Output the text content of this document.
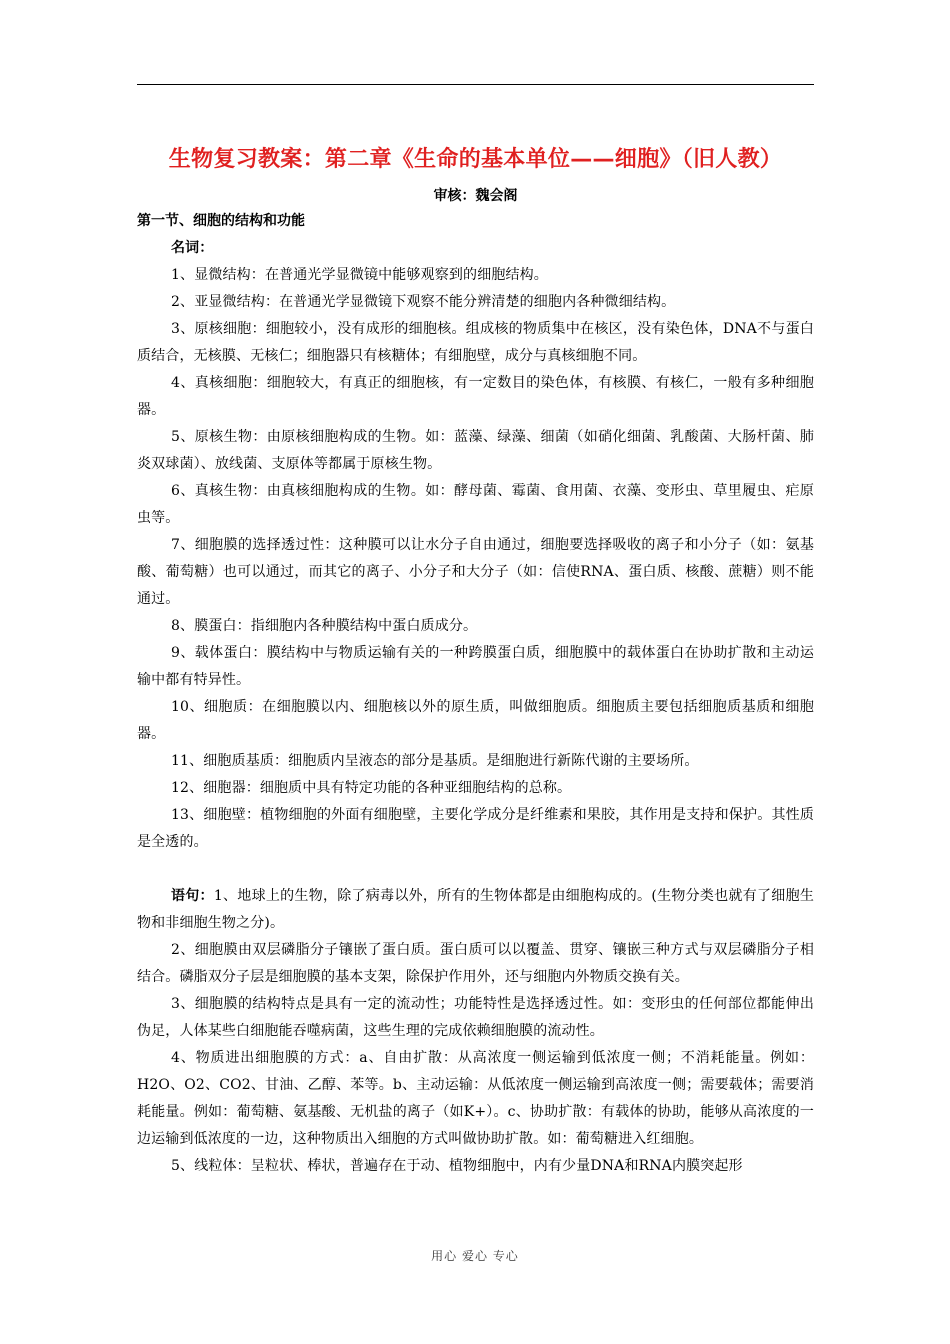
生物复习教案：第二章《生命的基本单位——细胞》（旧人教）
审核：魏会阁

第一节、细胞的结构和功能

名词：

1、显微结构：在普通光学显微镜中能够观察到的细胞结构。

2、亚显微结构：在普通光学显微镜下观察不能分辨清楚的细胞内各种微细结构。

3、原核细胞：细胞较小，没有成形的细胞核。组成核的物质集中在核区，没有染色体，DNA不与蛋白质结合，无核膜、无核仁；细胞器只有核糖体；有细胞壁，成分与真核细胞不同。

4、真核细胞：细胞较大，有真正的细胞核，有一定数目的染色体，有核膜、有核仁，一般有多种细胞器。

5、原核生物：由原核细胞构成的生物。如：蓝藻、绿藻、细菌（如硝化细菌、乳酸菌、大肠杆菌、肺炎双球菌）、放线菌、支原体等都属于原核生物。

6、真核生物：由真核细胞构成的生物。如：酵母菌、霉菌、食用菌、衣藻、变形虫、草里履虫、疟原虫等。

7、细胞膜的选择透过性：这种膜可以让水分子自由通过，细胞要选择吸收的离子和小分子（如：氨基酸、葡萄糖）也可以通过，而其它的离子、小分子和大分子（如：信使RNA、蛋白质、核酸、蔗糖）则不能通过。

8、膜蛋白：指细胞内各种膜结构中蛋白质成分。

9、载体蛋白：膜结构中与物质运输有关的一种跨膜蛋白质，细胞膜中的载体蛋白在协助扩散和主动运输中都有特异性。

10、细胞质：在细胞膜以内、细胞核以外的原生质，叫做细胞质。细胞质主要包括细胞质基质和细胞器。

11、细胞质基质：细胞质内呈液态的部分是基质。是细胞进行新陈代谢的主要场所。

12、细胞器：细胞质中具有特定功能的各种亚细胞结构的总称。

13、细胞壁：植物细胞的外面有细胞壁，主要化学成分是纤维素和果胶，其作用是支持和保护。其性质是全透的。

语句：1、地球上的生物，除了病毒以外，所有的生物体都是由细胞构成的。(生物分类也就有了细胞生物和非细胞生物之分)。

2、细胞膜由双层磷脂分子镶嵌了蛋白质。蛋白质可以以覆盖、贯穿、镶嵌三种方式与双层磷脂分子相结合。磷脂双分子层是细胞膜的基本支架，除保护作用外，还与细胞内外物质交换有关。

3、细胞膜的结构特点是具有一定的流动性；功能特性是选择透过性。如：变形虫的任何部位都能伸出伪足，人体某些白细胞能吞噬病菌，这些生理的完成依赖细胞膜的流动性。

4、物质进出细胞膜的方式：a、自由扩散：从高浓度一侧运输到低浓度一侧；不消耗能量。例如：H2O、O2、CO2、甘油、乙醇、苯等。b、主动运输：从低浓度一侧运输到高浓度一侧；需要载体；需要消耗能量。例如：葡萄糖、氨基酸、无机盐的离子（如K+）。c、协助扩散：有载体的协助，能够从高浓度的一边运输到低浓度的一边，这种物质出入细胞的方式叫做协助扩散。如：葡萄糖进入红细胞。

5、线粒体：呈粒状、棒状，普遍存在于动、植物细胞中，内有少量DNA和RNA内膜突起形

用心 爱心 专心
